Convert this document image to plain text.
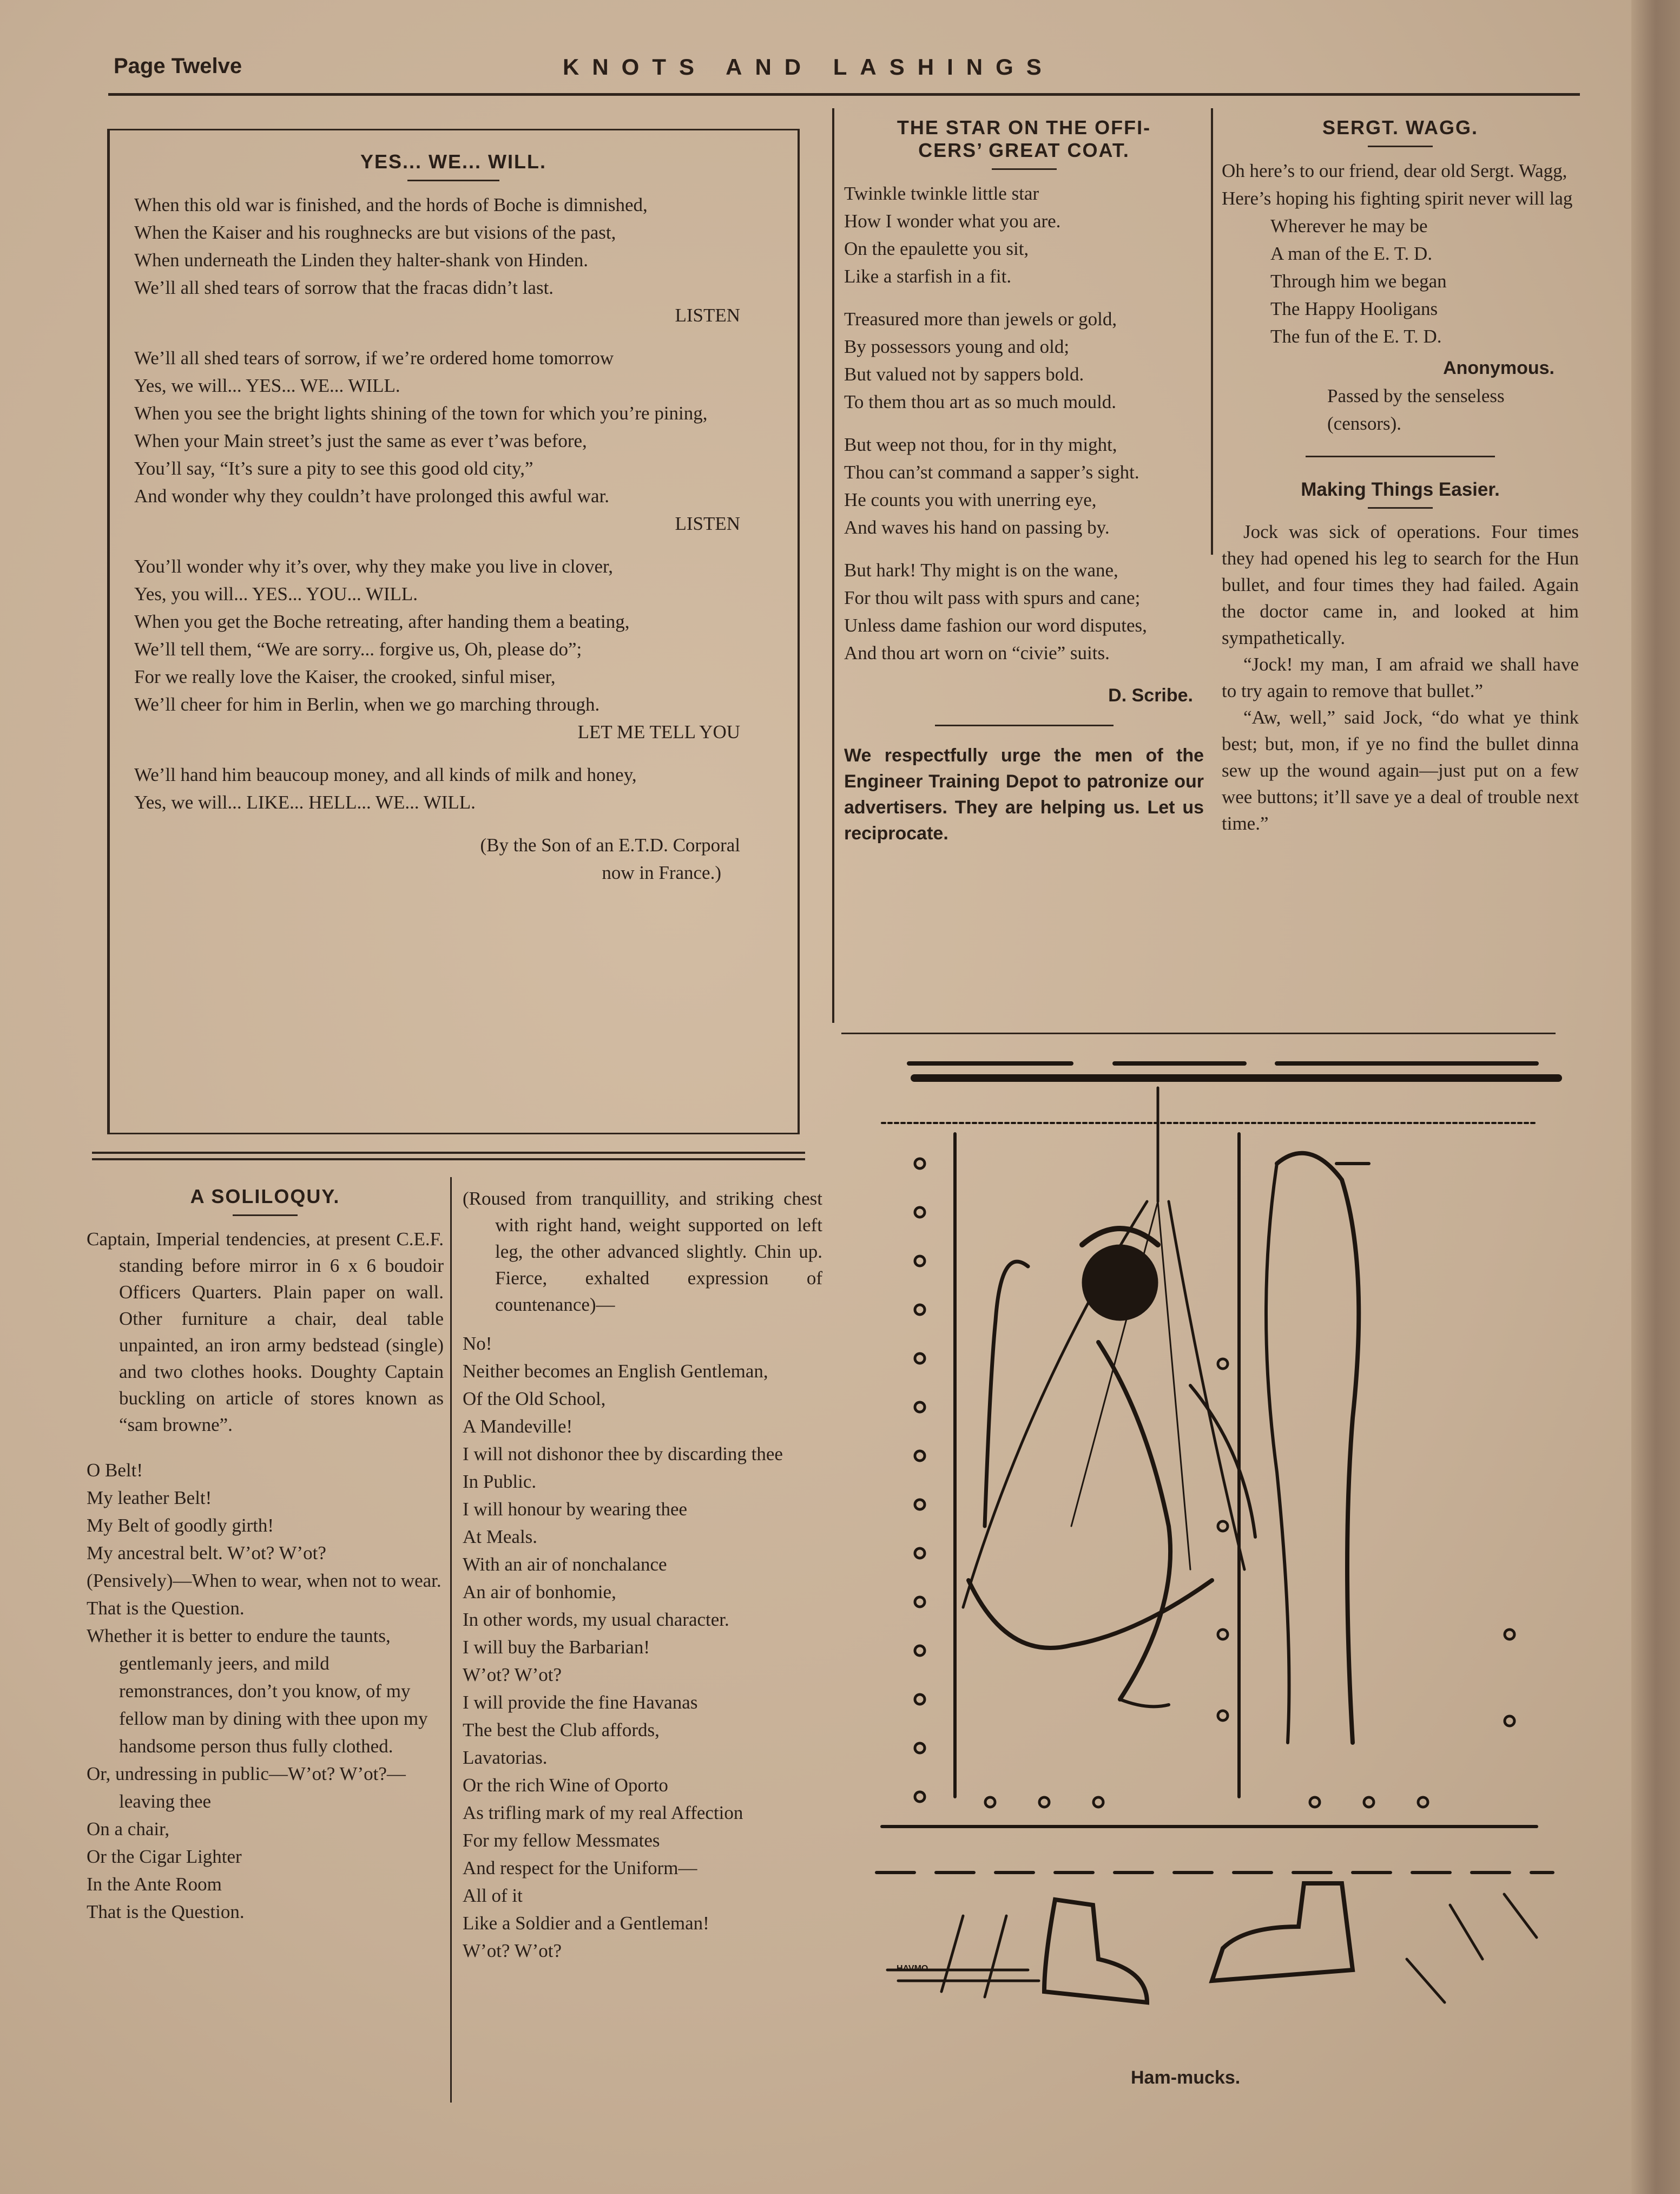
Page Twelve	KNOTS AND LASHINGS
YES... WE... WILL.

When this old war is finished, and the hords of Boche is dimnished,

When the Kaiser and his roughnecks are but visions of the past,

When underneath the Linden they halter-shank von Hinden.

We’ll all shed tears of sorrow that the fracas didn’t last.

LISTEN

We’ll all shed tears of sorrow, if we’re ordered home tomorrow

Yes, we will... YES... WE... WILL.

When you see the bright lights shining of the town for which you’re pining,

When your Main street’s just the same as ever t’was before,

You’ll say, “It’s sure a pity to see this good old city,”

And wonder why they couldn’t have prolonged this awful war.

LISTEN

You’ll wonder why it’s over, why they make you live in clover,

Yes, you will... YES... YOU... WILL.

When you get the Boche retreating, after handing them a beating,

We’ll tell them, “We are sorry... forgive us, Oh, please do”;

For we really love the Kaiser, the crooked, sinful miser,

We’ll cheer for him in Berlin, when we go marching through.

LET ME TELL YOU

We’ll hand him beaucoup money, and all kinds of milk and honey,

Yes, we will... LIKE... HELL... WE... WILL.

(By the Son of an E.T.D. Corporal
now in France.)
THE STAR ON THE OFFI-
CERS’ GREAT COAT.

Twinkle twinkle little star

How I wonder what you are.

On the epaulette you sit,

Like a starfish in a fit.

Treasured more than jewels or gold,

By possessors young and old;

But valued not by sappers bold.

To them thou art as so much mould.

But weep not thou, for in thy might,

Thou can’st command a sapper’s sight.

He counts you with unerring eye,

And waves his hand on passing by.

But hark! Thy might is on the wane,

For thou wilt pass with spurs and cane;

Unless dame fashion our word disputes,

And thou art worn on “civie” suits.

D. Scribe.
We respectfully urge the men of the Engineer Training Depot to patronize our advertisers. They are helping us. Let us reciprocate.
SERGT. WAGG.

Oh here’s to our friend, dear old Sergt. Wagg,

Here’s hoping his fighting spirit never will lag

Wherever he may be

A man of the E. T. D.

Through him we began

The Happy Hooligans

The fun of the E. T. D.

Anonymous.
Passed by the senseless (censors).
Making Things Easier.

Jock was sick of operations. Four times they had opened his leg to search for the Hun bullet, and four times they had failed. Again the doctor came in, and looked at him sympathetically.

“Jock! my man, I am afraid we shall have to try again to remove that bullet.”

“Aw, well,” said Jock, “do what ye think best; but, mon, if ye no find the bullet dinna sew up the wound again—just put on a few wee buttons; it’ll save ye a deal of trouble next time.”

A SOLILOQUY.

Captain, Imperial tendencies, at present C.E.F. standing before mirror in 6 x 6 boudoir Officers Quarters. Plain paper on wall. Other furniture a chair, deal table unpainted, an iron army bedstead (single) and two clothes hooks. Doughty Captain buckling on article of stores known as “sam browne”.

O Belt!

My leather Belt!

My Belt of goodly girth!

My ancestral belt. W’ot? W’ot?

(Pensively)—When to wear, when not to wear.

That is the Question.

Whether it is better to endure the taunts, gentlemanly jeers, and mild remonstrances, don’t you know, of my fellow man by dining with thee upon my handsome person thus fully clothed.

Or, undressing in public—W’ot? W’ot?—leaving thee

On a chair,

Or the Cigar Lighter

In the Ante Room

That is the Question.

(Roused from tranquillity, and striking chest with right hand, weight supported on left leg, the other advanced slightly. Chin up. Fierce, exhalted expression of countenance)—

No!

Neither becomes an English Gentleman,

Of the Old School,

A Mandeville!

I will not dishonor thee by discarding thee

In Public.

I will honour by wearing thee

At Meals.

With an air of nonchalance

An air of bonhomie,

In other words, my usual character.

I will buy the Barbarian!

W’ot? W’ot?

I will provide the fine Havanas

The best the Club affords,

Lavatorias.

Or the rich Wine of Oporto

As trifling mark of my real Affection

For my fellow Messmates

And respect for the Uniform—

All of it

Like a Soldier and a Gentleman!

W’ot? W’ot?

HAVMO
Ham-mucks.
